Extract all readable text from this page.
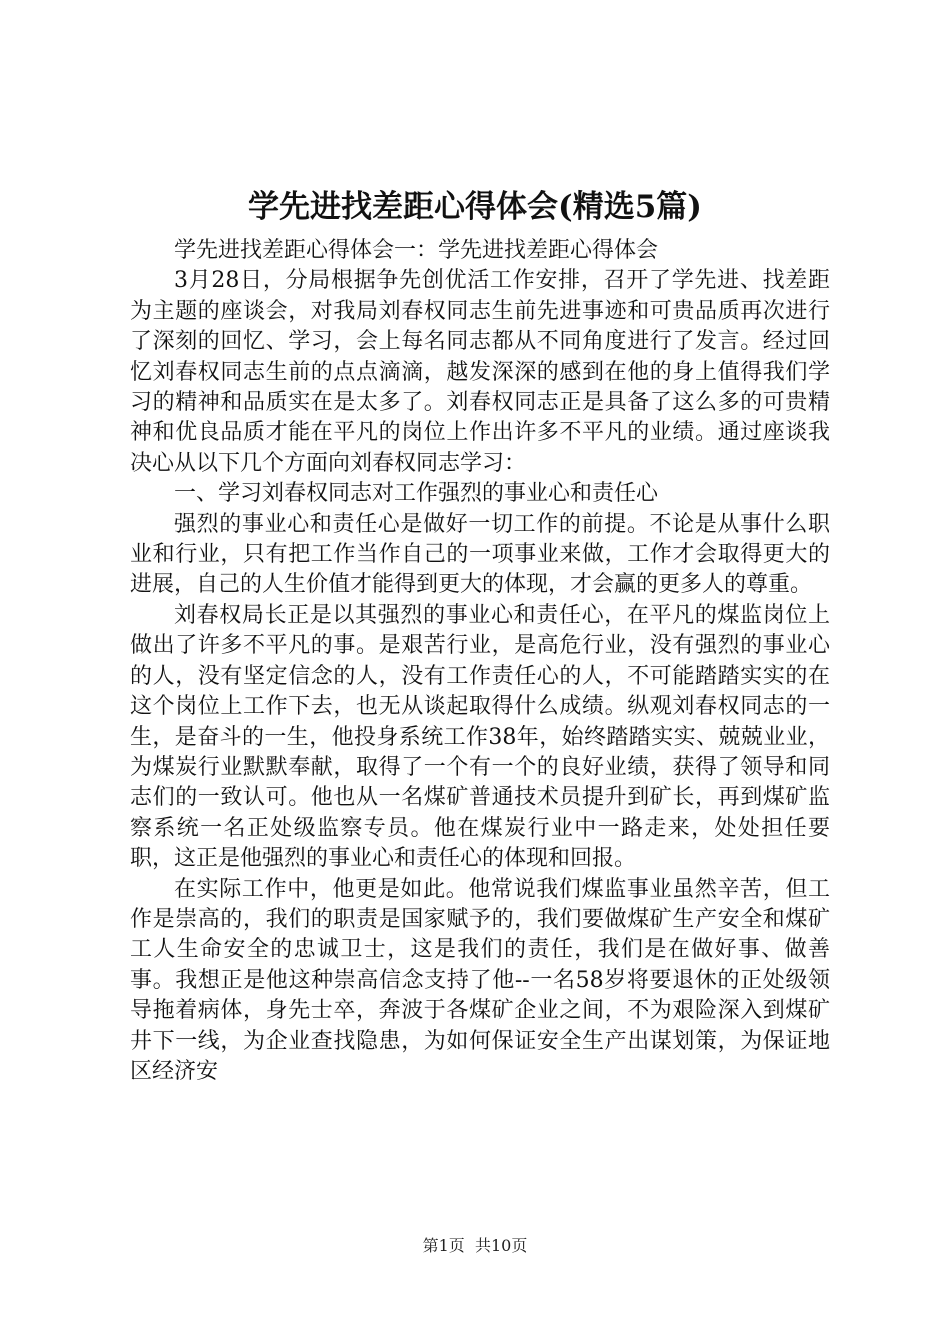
学先进找差距心得体会(精选5篇)

学先进找差距心得体会一：学先进找差距心得体会

3月28日，分局根据争先创优活工作安排，召开了学先进、找差距为主题的座谈会，对我局刘春权同志生前先进事迹和可贵品质再次进行了深刻的回忆、学习，会上每名同志都从不同角度进行了发言。经过回忆刘春权同志生前的点点滴滴，越发深深的感到在他的身上值得我们学习的精神和品质实在是太多了。刘春权同志正是具备了这么多的可贵精神和优良品质才能在平凡的岗位上作出许多不平凡的业绩。通过座谈我决心从以下几个方面向刘春权同志学习：

一、学习刘春权同志对工作强烈的事业心和责任心

强烈的事业心和责任心是做好一切工作的前提。不论是从事什么职业和行业，只有把工作当作自己的一项事业来做，工作才会取得更大的进展，自己的人生价值才能得到更大的体现，才会赢的更多人的尊重。

刘春权局长正是以其强烈的事业心和责任心，在平凡的煤监岗位上做出了许多不平凡的事。是艰苦行业，是高危行业，没有强烈的事业心的人，没有坚定信念的人，没有工作责任心的人，不可能踏踏实实的在这个岗位上工作下去，也无从谈起取得什么成绩。纵观刘春权同志的一生，是奋斗的一生，他投身系统工作38年，始终踏踏实实、兢兢业业，为煤炭行业默默奉献，取得了一个有一个的良好业绩，获得了领导和同志们的一致认可。他也从一名煤矿普通技术员提升到矿长，再到煤矿监察系统一名正处级监察专员。他在煤炭行业中一路走来，处处担任要职，这正是他强烈的事业心和责任心的体现和回报。

在实际工作中，他更是如此。他常说我们煤监事业虽然辛苦，但工作是崇高的，我们的职责是国家赋予的，我们要做煤矿生产安全和煤矿工人生命安全的忠诚卫士，这是我们的责任，我们是在做好事、做善事。我想正是他这种崇高信念支持了他--一名58岁将要退休的正处级领导拖着病体，身先士卒，奔波于各煤矿企业之间，不为艰险深入到煤矿井下一线，为企业查找隐患，为如何保证安全生产出谋划策，为保证地区经济安

第1页 共10页
